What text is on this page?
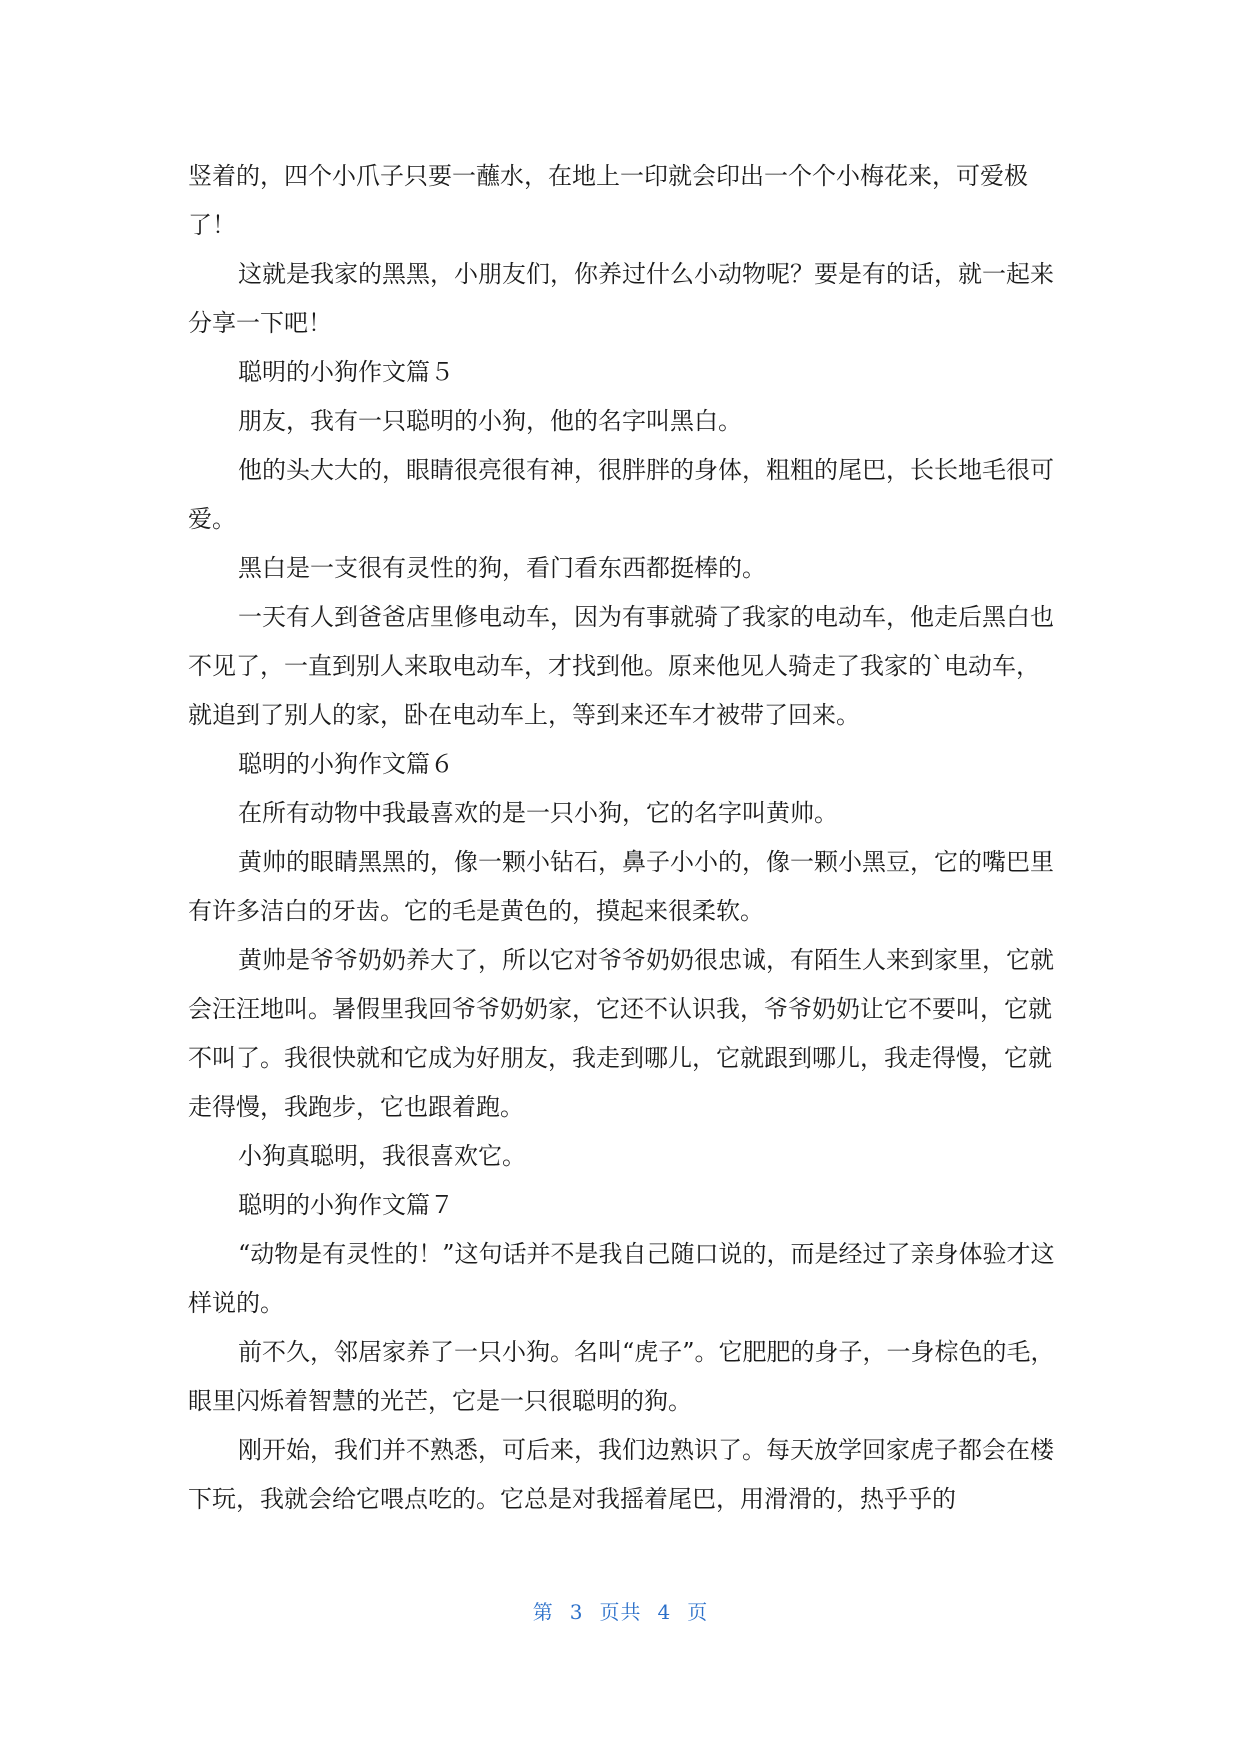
竖着的，四个小爪子只要一蘸水，在地上一印就会印出一个个小梅花来，可爱极了！

这就是我家的黑黑，小朋友们，你养过什么小动物呢？要是有的话，就一起来分享一下吧！

聪明的小狗作文篇５

朋友，我有一只聪明的小狗，他的名字叫黑白。

他的头大大的，眼睛很亮很有神，很胖胖的身体，粗粗的尾巴，长长地毛很可爱。

黑白是一支很有灵性的狗，看门看东西都挺棒的。

一天有人到爸爸店里修电动车，因为有事就骑了我家的电动车，他走后黑白也不见了，一直到别人来取电动车，才找到他。原来他见人骑走了我家的`电动车，就追到了别人的家，卧在电动车上，等到来还车才被带了回来。

聪明的小狗作文篇６

在所有动物中我最喜欢的是一只小狗，它的名字叫黄帅。

黄帅的眼睛黑黑的，像一颗小钻石，鼻子小小的，像一颗小黑豆，它的嘴巴里有许多洁白的牙齿。它的毛是黄色的，摸起来很柔软。

黄帅是爷爷奶奶养大了，所以它对爷爷奶奶很忠诚，有陌生人来到家里，它就会汪汪地叫。暑假里我回爷爷奶奶家，它还不认识我，爷爷奶奶让它不要叫，它就不叫了。我很快就和它成为好朋友，我走到哪儿，它就跟到哪儿，我走得慢，它就走得慢，我跑步，它也跟着跑。

小狗真聪明，我很喜欢它。

聪明的小狗作文篇７

“动物是有灵性的！”这句话并不是我自己随口说的，而是经过了亲身体验才这样说的。

前不久，邻居家养了一只小狗。名叫“虎子”。它肥肥的身子，一身棕色的毛，眼里闪烁着智慧的光芒，它是一只很聪明的狗。

刚开始，我们并不熟悉，可后来，我们边熟识了。每天放学回家虎子都会在楼下玩，我就会给它喂点吃的。它总是对我摇着尾巴，用滑滑的，热乎乎的

第 3 页共 4 页
